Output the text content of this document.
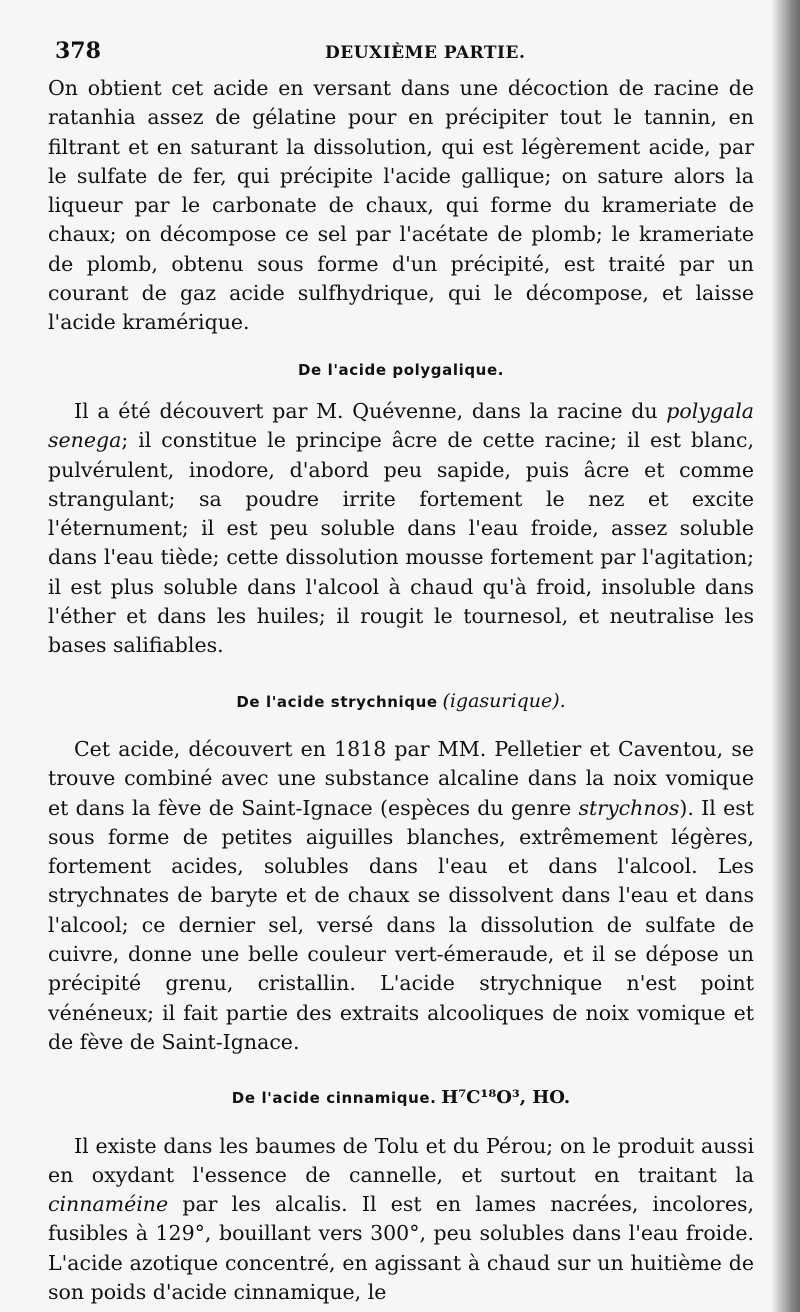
378	DEUXIÈME PARTIE.

On obtient cet acide en versant dans une décoction de racine de ratanhia assez de gélatine pour en précipiter tout le tannin, en filtrant et en saturant la dissolution, qui est légèrement acide, par le sulfate de fer, qui précipite l'acide gallique; on sature alors la liqueur par le carbonate de chaux, qui forme du krameriate de chaux; on décompose ce sel par l'acétate de plomb; le krameriate de plomb, obtenu sous forme d'un précipité, est traité par un courant de gaz acide sulfhydrique, qui le décompose, et laisse l'acide kramérique.

De l'acide polygalique.

Il a été découvert par M. Quévenne, dans la racine du polygala senega; il constitue le principe âcre de cette racine; il est blanc, pulvérulent, inodore, d'abord peu sapide, puis âcre et comme strangulant; sa poudre irrite fortement le nez et excite l'éternument; il est peu soluble dans l'eau froide, assez soluble dans l'eau tiède; cette dissolution mousse fortement par l'agitation; il est plus soluble dans l'alcool à chaud qu'à froid, insoluble dans l'éther et dans les huiles; il rougit le tournesol, et neutralise les bases salifiables.

De l'acide strychnique (igasurique).

Cet acide, découvert en 1818 par MM. Pelletier et Caventou, se trouve combiné avec une substance alcaline dans la noix vomique et dans la fève de Saint-Ignace (espèces du genre strychnos). Il est sous forme de petites aiguilles blanches, extrêmement légères, fortement acides, solubles dans l'eau et dans l'alcool. Les strychnates de baryte et de chaux se dissolvent dans l'eau et dans l'alcool; ce dernier sel, versé dans la dissolution de sulfate de cuivre, donne une belle couleur vert-émeraude, et il se dépose un précipité grenu, cristallin. L'acide strychnique n'est point vénéneux; il fait partie des extraits alcooliques de noix vomique et de fève de Saint-Ignace.

De l'acide cinnamique. H⁷C¹⁸O³, HO.

Il existe dans les baumes de Tolu et du Pérou; on le produit aussi en oxydant l'essence de cannelle, et surtout en traitant la cinnaméine par les alcalis. Il est en lames nacrées, incolores, fusibles à 129°, bouillant vers 300°, peu solubles dans l'eau froide. L'acide azotique concentré, en agissant à chaud sur un huitième de son poids d'acide cinnamique, le
